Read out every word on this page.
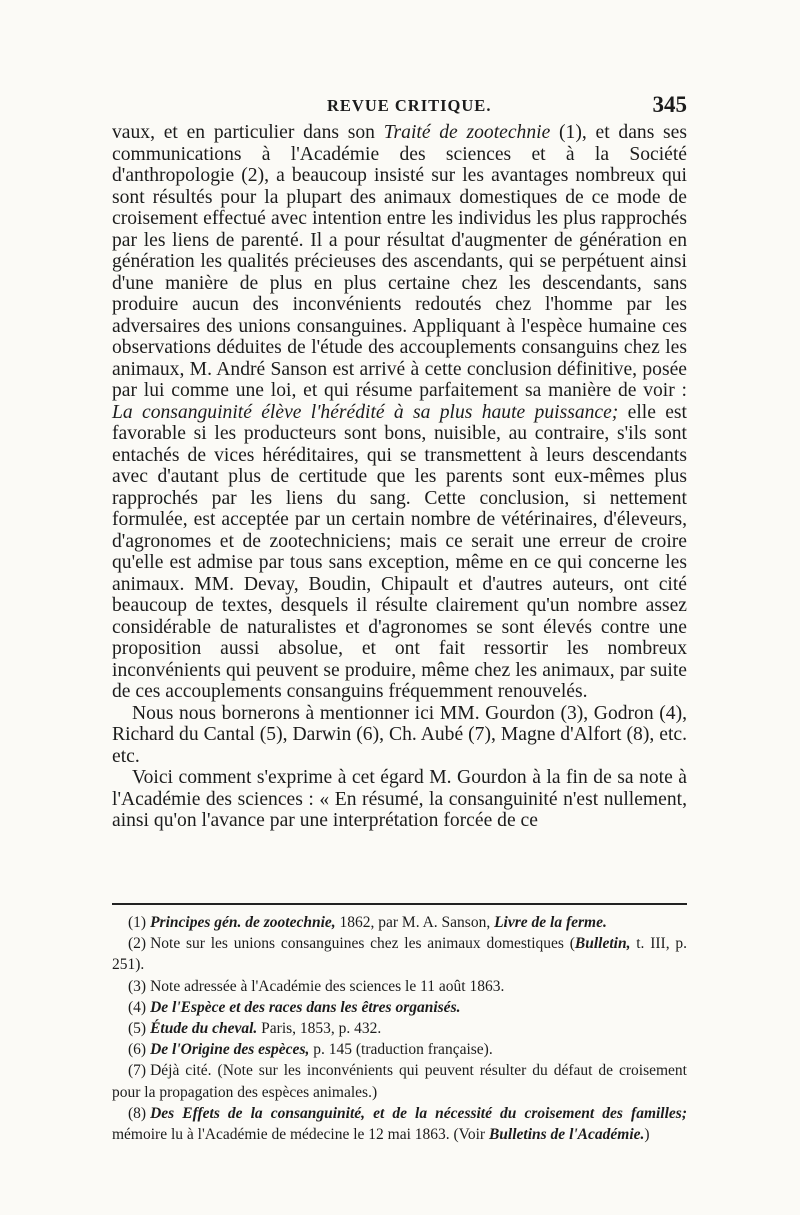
REVUE CRITIQUE.	345

vaux, et en particulier dans son Traité de zootechnie (1), et dans ses communications à l'Académie des sciences et à la Société d'anthropologie (2), a beaucoup insisté sur les avantages nombreux qui sont résultés pour la plupart des animaux domestiques de ce mode de croisement effectué avec intention entre les individus les plus rapprochés par les liens de parenté. Il a pour résultat d'augmenter de génération en génération les qualités précieuses des ascendants, qui se perpétuent ainsi d'une manière de plus en plus certaine chez les descendants, sans produire aucun des inconvénients redoutés chez l'homme par les adversaires des unions consanguines. Appliquant à l'espèce humaine ces observations déduites de l'étude des accouplements consanguins chez les animaux, M. André Sanson est arrivé à cette conclusion définitive, posée par lui comme une loi, et qui résume parfaitement sa manière de voir : La consanguinité élève l'hérédité à sa plus haute puissance; elle est favorable si les producteurs sont bons, nuisible, au contraire, s'ils sont entachés de vices héréditaires, qui se transmettent à leurs descendants avec d'autant plus de certitude que les parents sont eux-mêmes plus rapprochés par les liens du sang. Cette conclusion, si nettement formulée, est acceptée par un certain nombre de vétérinaires, d'éleveurs, d'agronomes et de zootechniciens; mais ce serait une erreur de croire qu'elle est admise par tous sans exception, même en ce qui concerne les animaux. MM. Devay, Boudin, Chipault et d'autres auteurs, ont cité beaucoup de textes, desquels il résulte clairement qu'un nombre assez considérable de naturalistes et d'agronomes se sont élevés contre une proposition aussi absolue, et ont fait ressortir les nombreux inconvénients qui peuvent se produire, même chez les animaux, par suite de ces accouplements consanguins fréquemment renouvelés.

Nous nous bornerons à mentionner ici MM. Gourdon (3), Godron (4), Richard du Cantal (5), Darwin (6), Ch. Aubé (7), Magne d'Alfort (8), etc. etc.

Voici comment s'exprime à cet égard M. Gourdon à la fin de sa note à l'Académie des sciences : « En résumé, la consanguinité n'est nullement, ainsi qu'on l'avance par une interprétation forcée de ce

(1) Principes gén. de zootechnie, 1862, par M. A. Sanson, Livre de la ferme.

(2) Note sur les unions consanguines chez les animaux domestiques (Bulletin, t. III, p. 251).

(3) Note adressée à l'Académie des sciences le 11 août 1863.

(4) De l'Espèce et des races dans les êtres organisés.

(5) Étude du cheval. Paris, 1853, p. 432.

(6) De l'Origine des espèces, p. 145 (traduction française).

(7) Déjà cité. (Note sur les inconvénients qui peuvent résulter du défaut de croisement pour la propagation des espèces animales.)

(8) Des Effets de la consanguinité, et de la nécessité du croisement des familles; mémoire lu à l'Académie de médecine le 12 mai 1863. (Voir Bulletins de l'Académie.)
